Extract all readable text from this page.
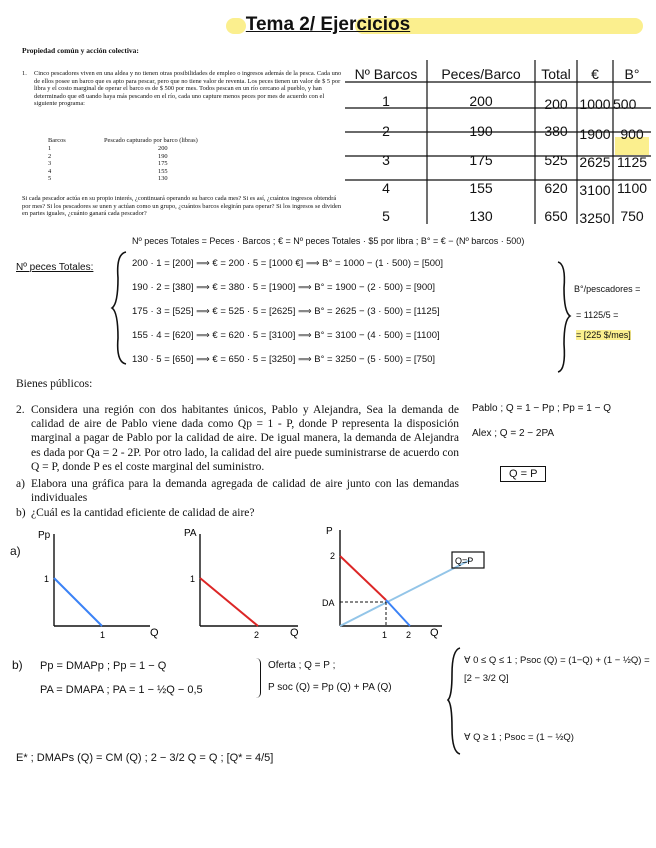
Tema 2/ Ejercicios
Propiedad común y acción colectiva:
1. Cinco pescadores viven en una aldea y no tienen otras posibilidades de empleo o ingresos además de la pesca. Cada uno de ellos posee un barco que es apto para pescar, pero que no tiene valor de reventa. Los peces tienen un valor de $ 5 por libra y el costo marginal de operar el barco es de $ 500 por mes. Todos pescan en un río cercano al pueblo, y han determinado que e8 uando haya más pescando en el río, cada uno capture menos peces por mes de acuerdo con el siguiente programa:
Barcos	Pescado capturado por barco (libras)
1	200
2	190
3	175
4	155
5	130
Si cada pescador actúa en su propio interés, ¿continuará operando su barco cada mes? Si es así, ¿cuántos ingresos obtendrá por mes? Si los pescadores se unen y actúan como un grupo, ¿cuántos barcos elegirán para operar? Si los ingresos se dividen en partes iguales, ¿cuánto ganará cada pescador?
Nº Barcos	Peces/Barco	Total	€	B°
1	200	200	1000	500
2	190	380	1900	900
3	175	525	2625	1125
4	155	620	3100	1100
5	130	650	3250	750
Nº peces Totales = Peces · Barcos ; € = Nº peces Totales · $5 por libra ; B° = € − (Nº barcos · 500)
Nº peces Totales:	200 · 1 = [200] ⟹ € = 200 · 5 = [1000 €] ⟹ B° = 1000 − (1 · 500) = [500]
190 · 2 = [380] ⟹ € = 380 · 5 = [1900] ⟹ B° = 1900 − (2 · 500) = [900]
175 · 3 = [525] ⟹ € = 525 · 5 = [2625] ⟹ B° = 2625 − (3 · 500) = [1125]
155 · 4 = [620] ⟹ € = 620 · 5 = [3100] ⟹ B° = 3100 − (4 · 500) = [1100]
130 · 5 = [650] ⟹ € = 650 · 5 = [3250] ⟹ B° = 3250 − (5 · 500) = [750]
B°/pescadores =
= 1125/5 =
= [225 $/mes]
Bienes públicos:
2. Considera una región con dos habitantes únicos, Pablo y Alejandra, Sea la demanda de calidad de aire de Pablo viene dada como Qp = 1 - P, donde P representa la disposición marginal a pagar de Pablo por la calidad de aire. De igual manera, la demanda de Alejandra es dada por Qa = 2 - 2P. Por otro lado, la calidad del aire puede suministrarse de acuerdo con Q = P, donde P es el coste marginal del suministro.
a) Elabora una gráfica para la demanda agregada de calidad de aire junto con las demandas individuales
b) ¿Cuál es la cantidad eficiente de calidad de aire?
Pablo ; Q = 1 − Pp ; Pp = 1 − Q
Alex ; Q = 2 − 2PA
Q = P
a)
Pp
Q
1
1
PA
Q
1
2
P
Q
2
DA
1 2
Q=P
b) Pp = DMAPp ; Pp = 1 − Q
PA = DMAPA ; PA = 1 − ½Q − 0,5
Oferta ; Q = P ;
P soc (Q) = Pp (Q) + PA (Q)
∀ 0 ≤ Q ≤ 1 ; Psoc (Q) = (1−Q) + (1 − ½Q) = [2 − 3/2 Q]
∀ Q ≥ 1 ; Psoc = (1 − ½Q)
E* ; DMAPs (Q) = CM (Q) ; 2 − 3/2 Q = Q ; [Q* = 4/5]
